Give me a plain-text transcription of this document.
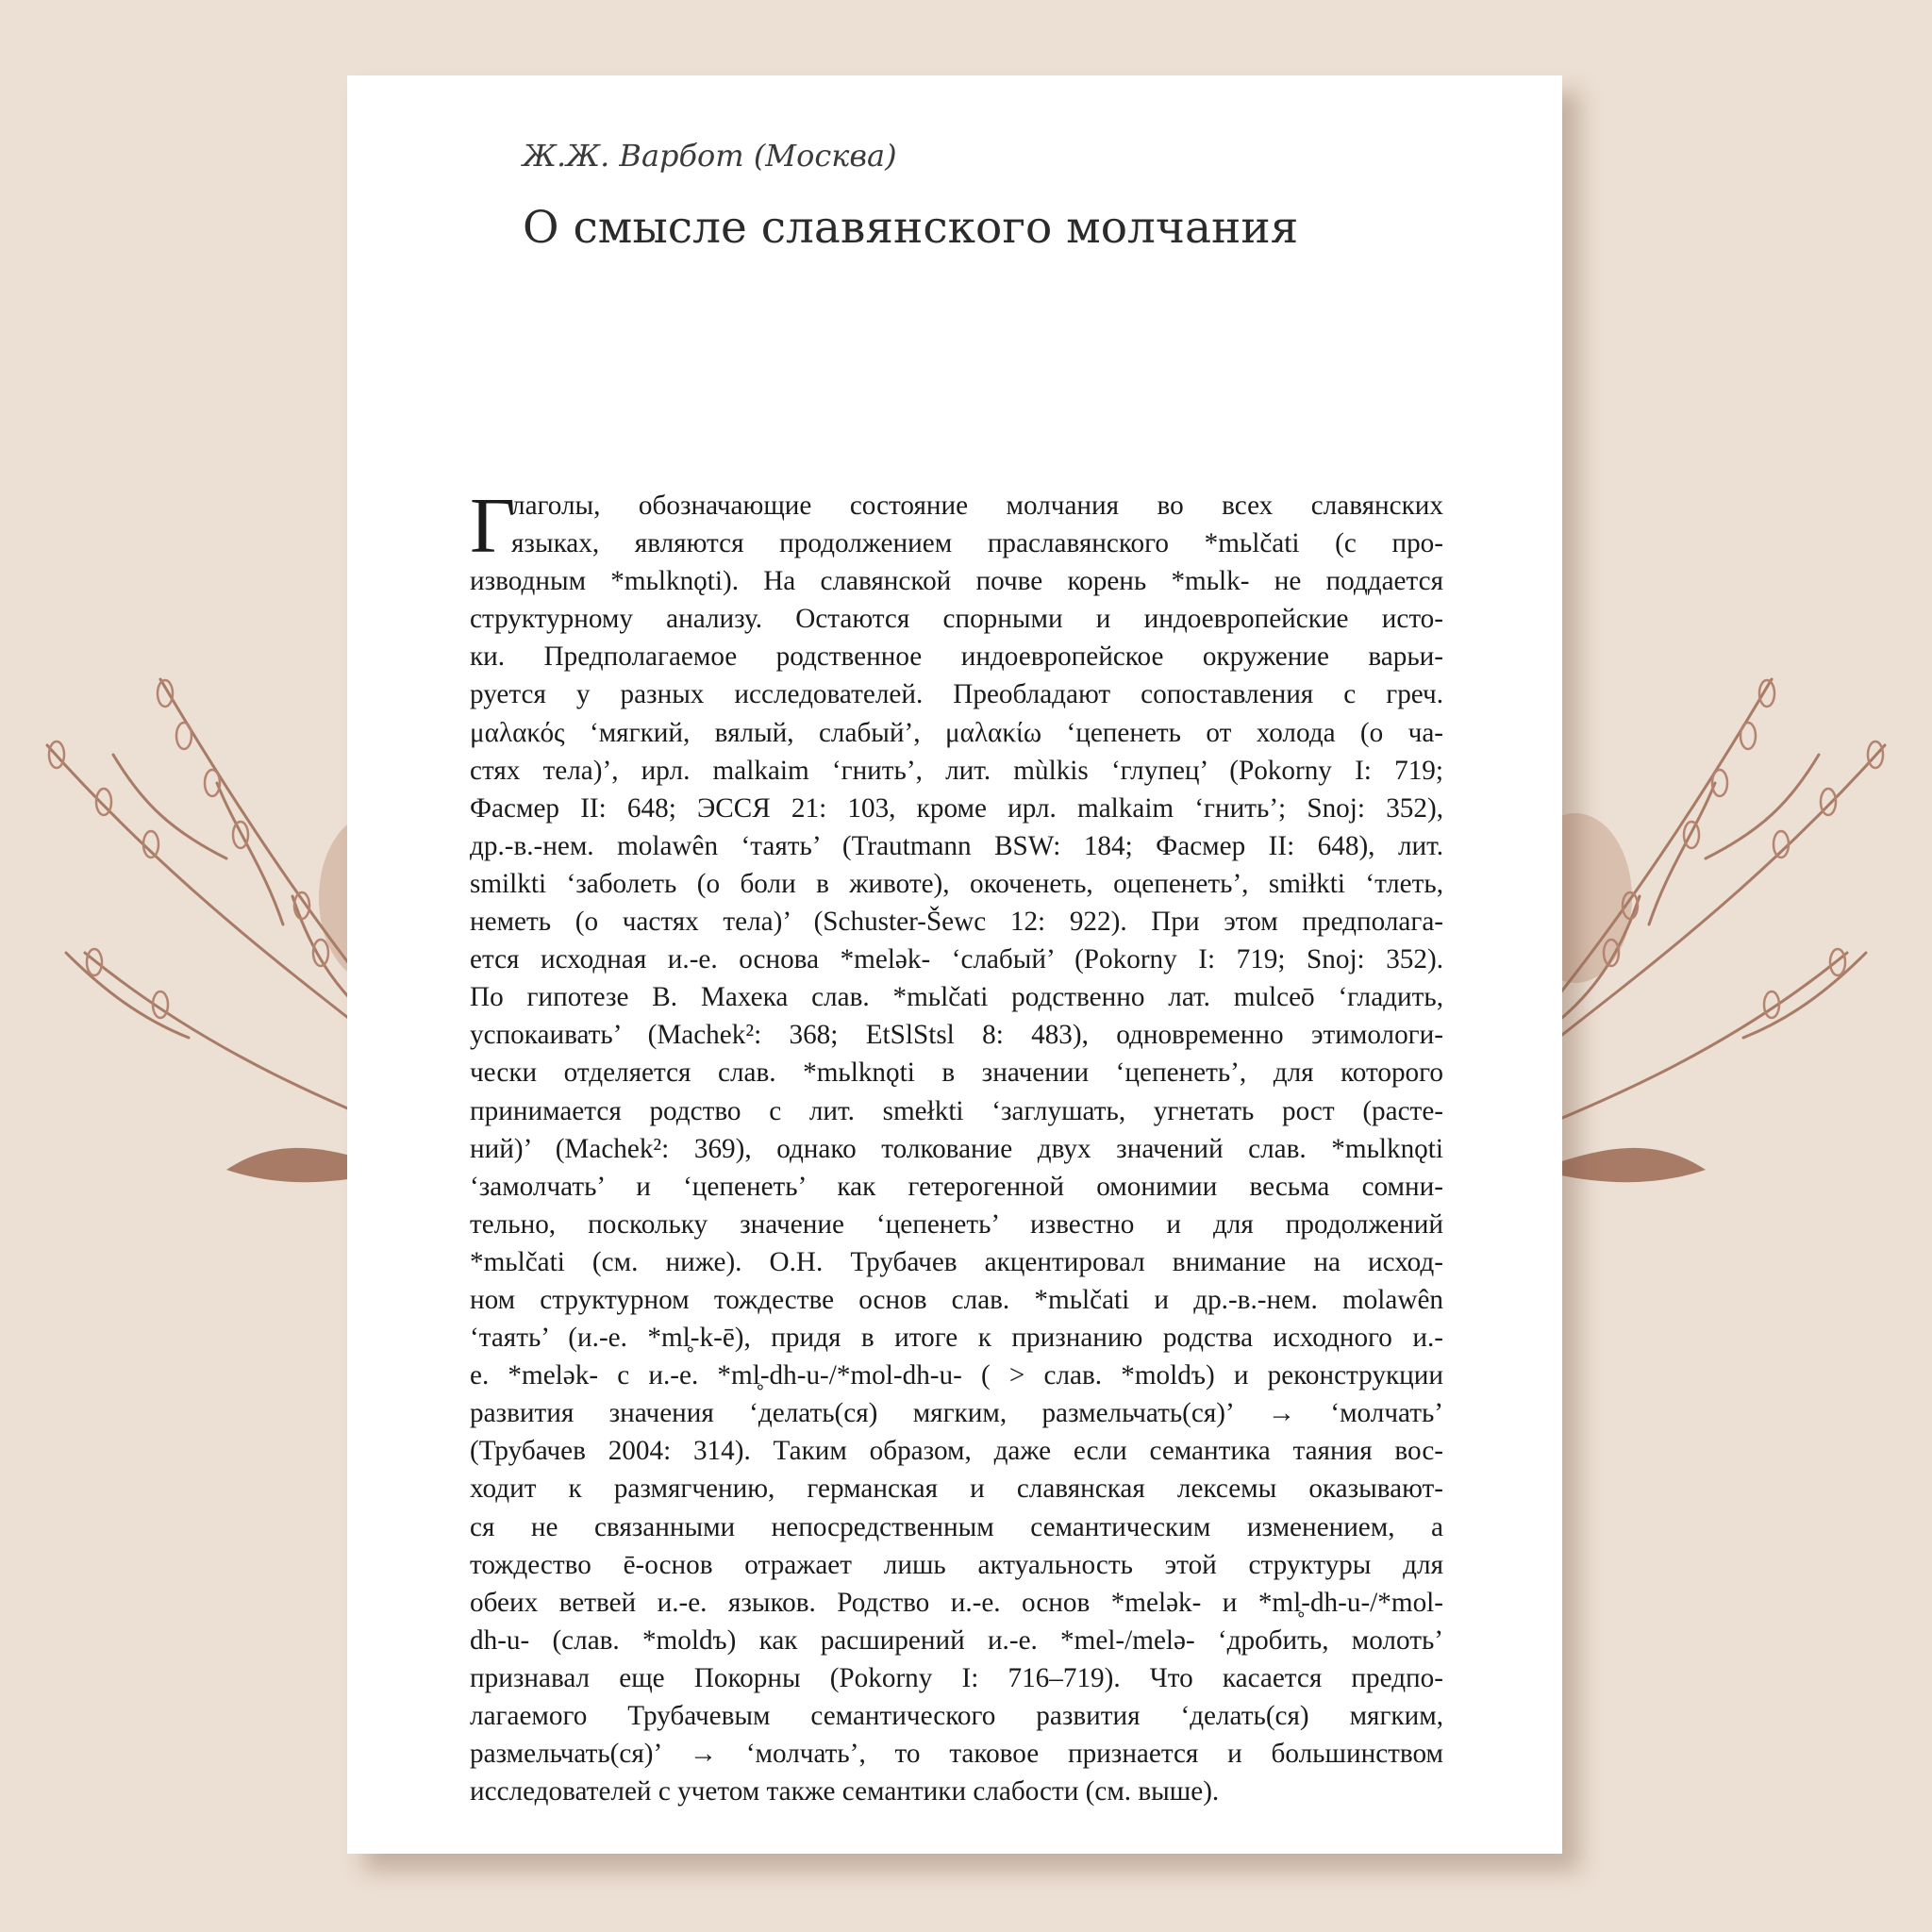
Ж.Ж. Варбот (Москва)
О смысле славянского молчания
Г
лаголы, обозначающие состояние молчания во всех славянских
языках, являются продолжением праславянского *mьlčati (с про-
изводным *mьlknǫti). На славянской почве корень *mьlk- не поддается
структурному анализу. Остаются спорными и индоевропейские исто-
ки. Предполагаемое родственное индоевропейское окружение варьи-
руется у разных исследователей. Преобладают сопоставления с греч.
μαλακός ‘мягкий, вялый, слабый’, μαλακίω ‘цепенеть от холода (о ча-
стях тела)’, ирл. malkaim ‘гнить’, лит. mùlkis ‘глупец’ (Pokorny I: 719;
Фасмер II: 648; ЭССЯ 21: 103, кроме ирл. malkaim ‘гнить’; Snoj: 352),
др.-в.-нем. molawên ‘таять’ (Trautmann BSW: 184; Фасмер II: 648), лит.
smilkti ‘заболеть (о боли в животе), окоченеть, оцепенеть’, smiłkti ‘тлеть,
неметь (о частях тела)’ (Schuster-Šewc 12: 922). При этом предполага-
ется исходная и.-е. основа *melək- ‘слабый’ (Pokorny I: 719; Snoj: 352).
По гипотезе В. Махека слав. *mьlčati родственно лат. mulceō ‘гладить,
успокаивать’ (Machek²: 368; EtSlStsl 8: 483), одновременно этимологи-
чески отделяется слав. *mьlknǫti в значении ‘цепенеть’, для которого
принимается родство с лит. smełkti ‘заглушать, угнетать рост (расте-
ний)’ (Machek²: 369), однако толкование двух значений слав. *mьlknǫti
‘замолчать’ и ‘цепенеть’ как гетерогенной омонимии весьма сомни-
тельно, поскольку значение ‘цепенеть’ известно и для продолжений
*mьlčati (см. ниже). О.Н. Трубачев акцентировал внимание на исход-
ном структурном тождестве основ слав. *mьlčati и др.-в.-нем. molawên
‘таять’ (и.-е. *ml̥-k-ē), придя в итоге к признанию родства исходного и.-
е. *melək- с и.-е. *ml̥-dh-u-/*mol-dh-u- ( > слав. *moldъ) и реконструкции
развития значения ‘делать(ся) мягким, размельчать(ся)’ → ‘молчать’
(Трубачев 2004: 314). Таким образом, даже если семантика таяния вос-
ходит к размягчению, германская и славянская лексемы оказывают-
ся не связанными непосредственным семантическим изменением, а
тождество ē-основ отражает лишь актуальность этой структуры для
обеих ветвей и.-е. языков. Родство и.-е. основ *melək- и *ml̥-dh-u-/*mol-
dh-u- (слав. *moldъ) как расширений и.-е. *mel-/melə- ‘дробить, молоть’
признавал еще Покорны (Pokorny I: 716–719). Что касается предпо-
лагаемого Трубачевым семантического развития ‘делать(ся) мягким,
размельчать(ся)’ → ‘молчать’, то таковое признается и большинством
исследователей с учетом также семантики слабости (см. выше).
